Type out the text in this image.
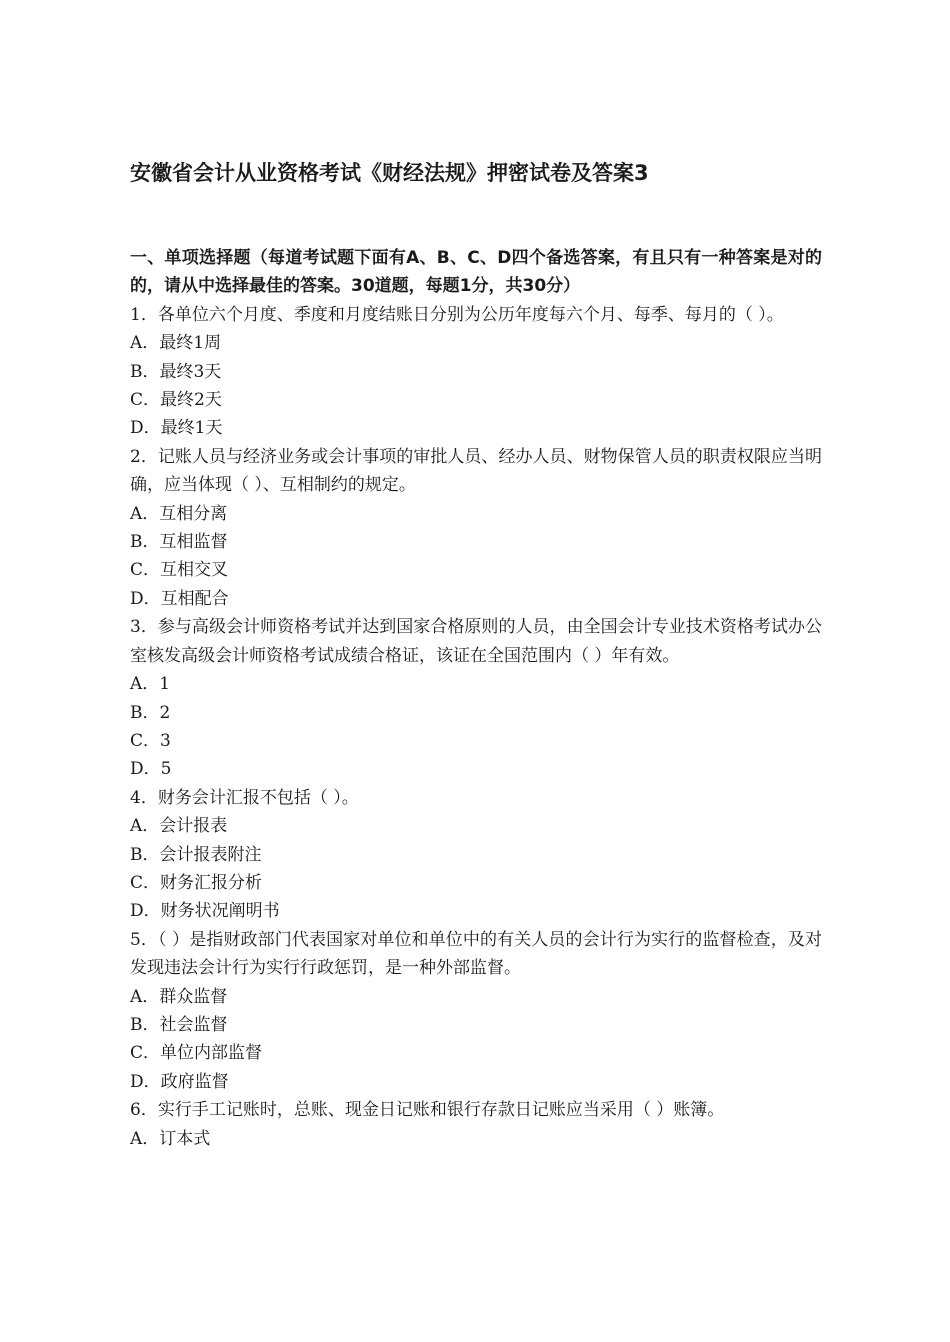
安徽省会计从业资格考试《财经法规》押密试卷及答案3
一、单项选择题（每道考试题下面有A、B、C、D四个备选答案，有且只有一种答案是对的的，请从中选择最佳的答案。30道题，每题1分，共30分）
1．各单位六个月度、季度和月度结账日分别为公历年度每六个月、每季、每月的（ ）。
A．最终1周
B．最终3天
C．最终2天
D．最终1天
2．记账人员与经济业务或会计事项的审批人员、经办人员、财物保管人员的职责权限应当明确，应当体现（ ）、互相制约的规定。
A．互相分离
B．互相监督
C．互相交叉
D．互相配合
3．参与高级会计师资格考试并达到国家合格原则的人员，由全国会计专业技术资格考试办公室核发高级会计师资格考试成绩合格证，该证在全国范围内（ ）年有效。
A．1
B．2
C．3
D．5
4．财务会计汇报不包括（ ）。
A．会计报表
B．会计报表附注
C．财务汇报分析
D．财务状况阐明书
5．（ ）是指财政部门代表国家对单位和单位中的有关人员的会计行为实行的监督检查，及对发现违法会计行为实行行政惩罚，是一种外部监督。
A．群众监督
B．社会监督
C．单位内部监督
D．政府监督
6．实行手工记账时，总账、现金日记账和银行存款日记账应当采用（ ）账簿。
A．订本式
